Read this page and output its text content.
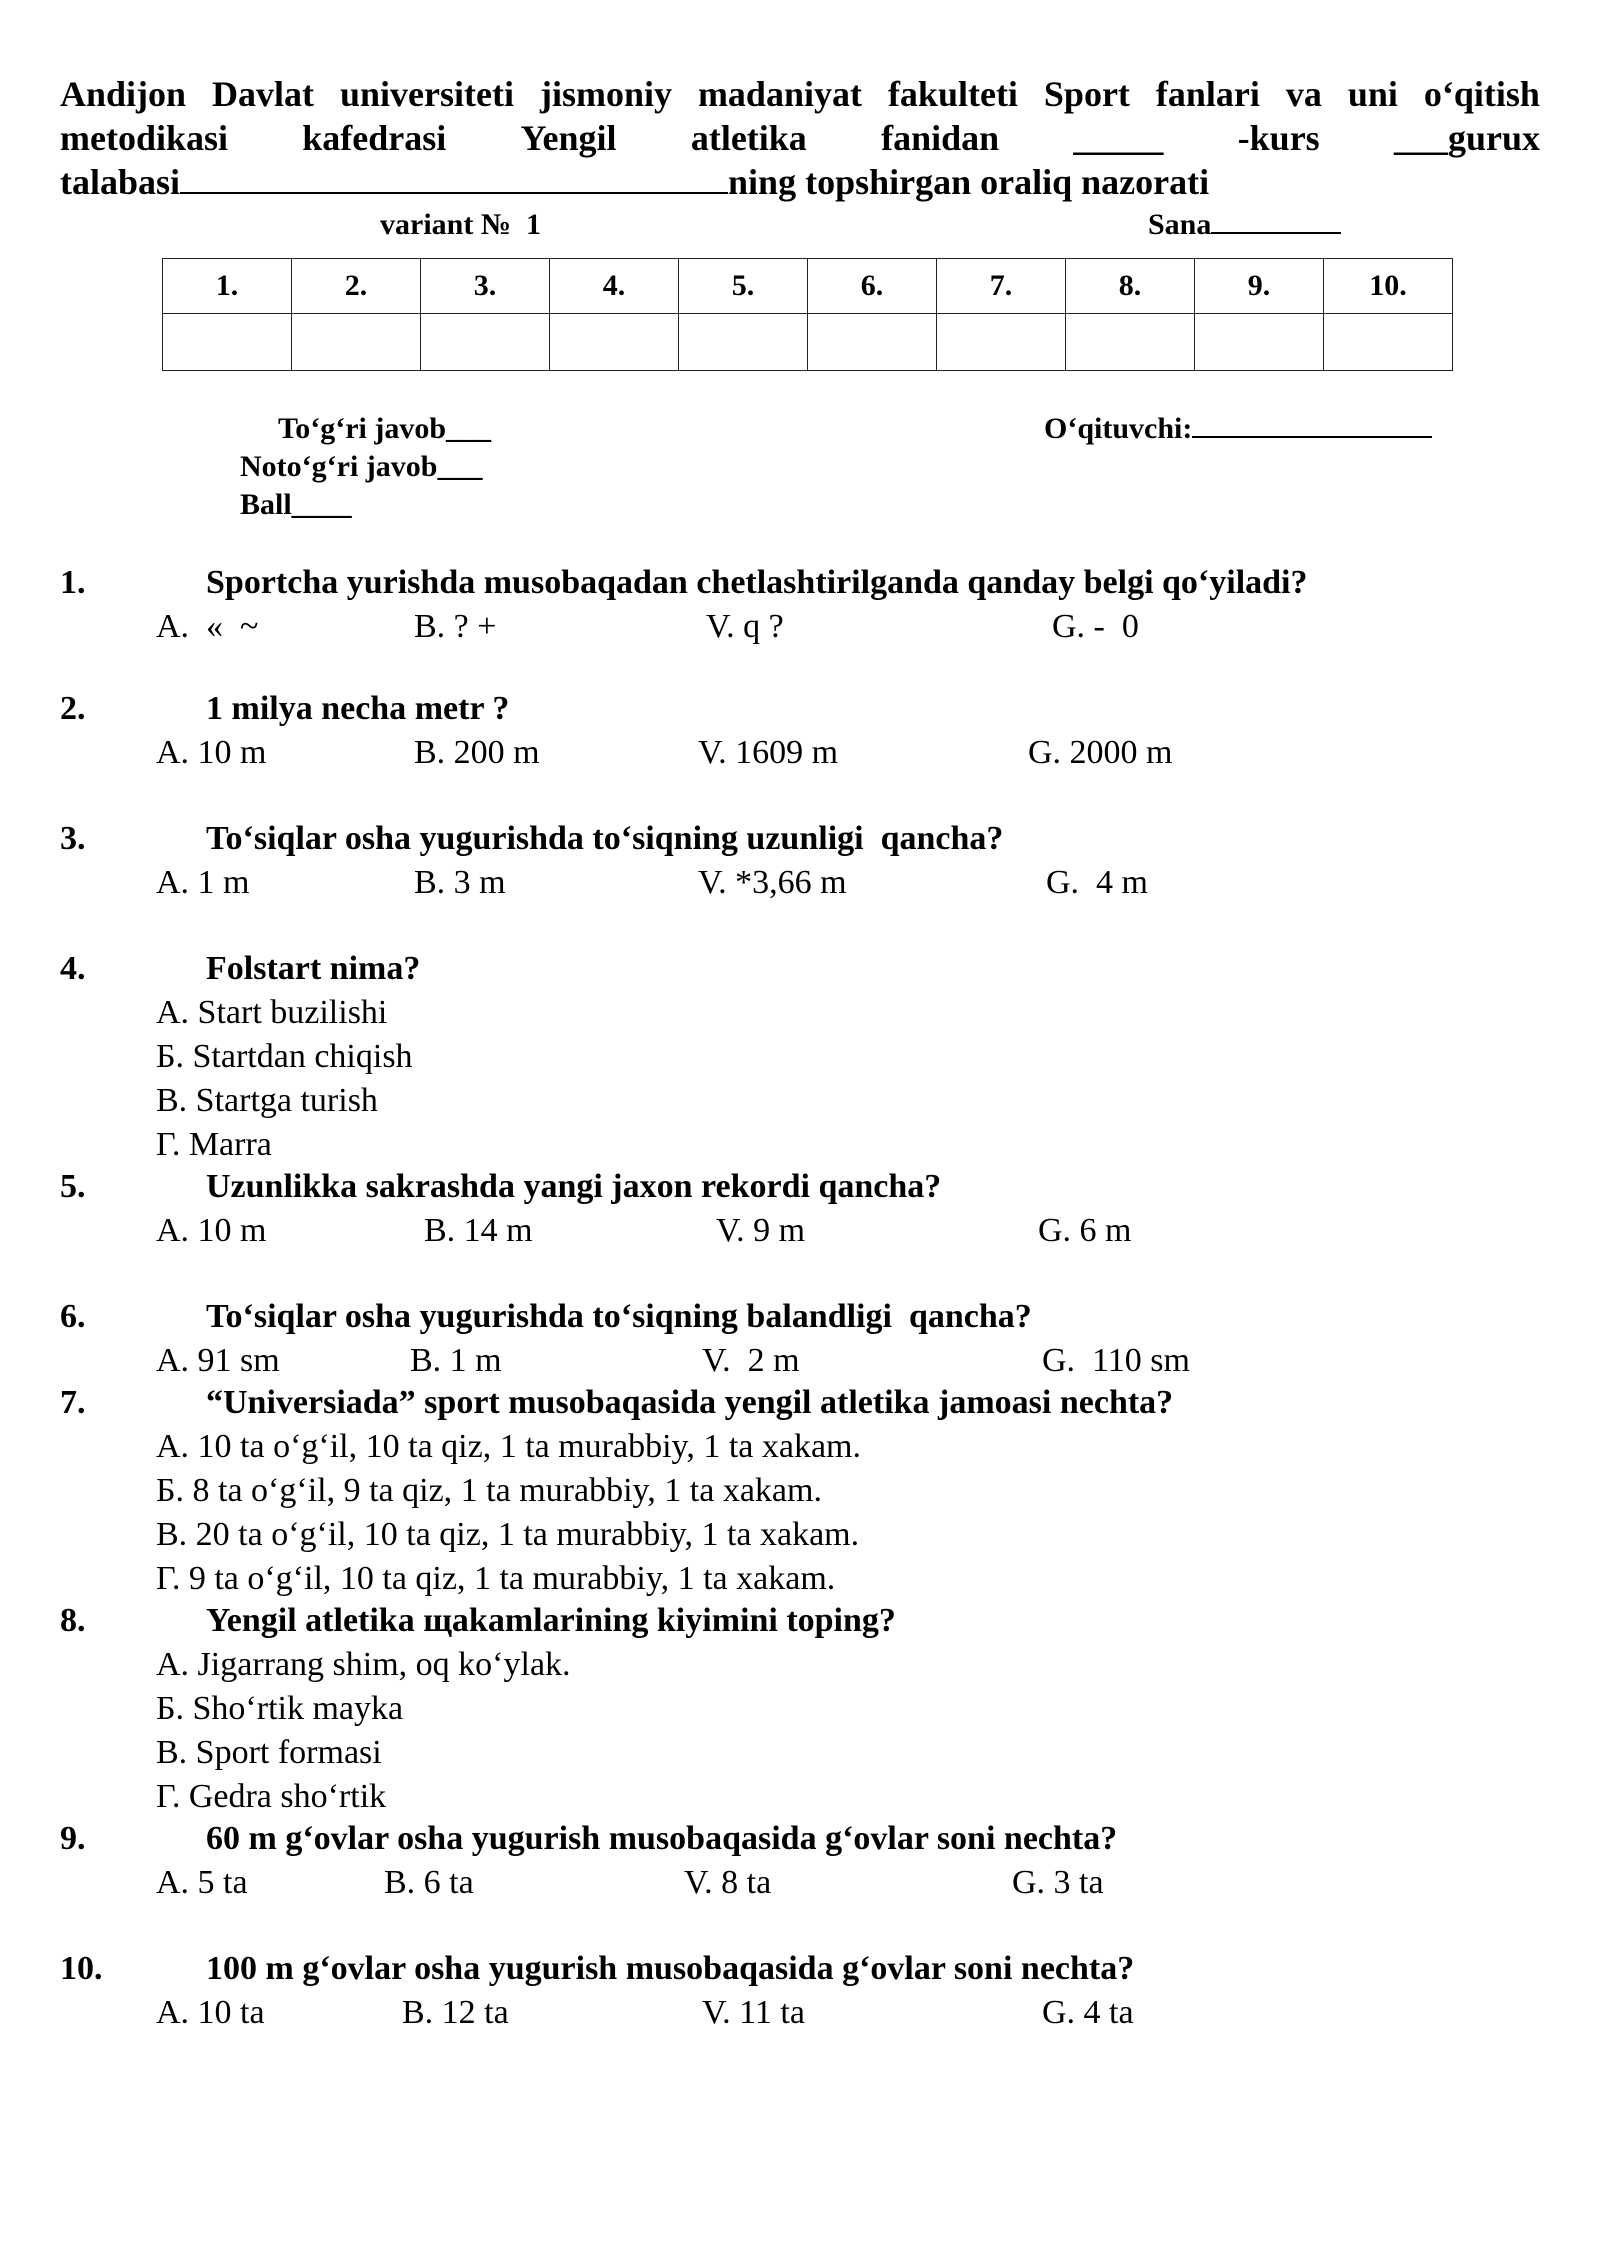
Andijon Davlat universiteti jismoniy madaniyat fakulteti Sport fanlari va uni o‘qitish
metodikasi kafedrasi Yengil atletika fanidan _____ -kurs ___gurux
talabasi	ning topshirgan oraliq nazorati
variant №  1	Sana
1.	2.	3.	4.	5.	6.	7.	8.	9.	10.

To‘g‘ri javob___
Noto‘g‘ri javob___
Ball____
O‘qituvchi:
1.	Sportcha yurishda musobaqadan chetlashtirilganda qanday belgi qo‘yiladi?
A.  «  ~	B. ? +	V. q ?	G. -  0
2.	1 milya necha metr ?
A. 10 m	B. 200 m	V. 1609 m	G. 2000 m
3.	To‘siqlar osha yugurishda to‘siqning uzunligi  qancha?
A. 1 m	B. 3 m	V. *3,66 m	G.  4 m
4.	Folstart nima?
A. Start buzilishi
Б. Startdan chiqish
B. Startga turish
Г. Marra
5.	Uzunlikka sakrashda yangi jaxon rekordi qancha?
A. 10 m	B. 14 m	V. 9 m	G. 6 m
6.	To‘siqlar osha yugurishda to‘siqning balandligi  qancha?
A. 91 sm	B. 1 m	V.  2 m	G.  110 sm
7.	“Universiada” sport musobaqasida yengil atletika jamoasi nechta?
A. 10 ta o‘g‘il, 10 ta qiz, 1 ta murabbiy, 1 ta xakam.
Б. 8 ta o‘g‘il, 9 ta qiz, 1 ta murabbiy, 1 ta xakam.
B. 20 ta o‘g‘il, 10 ta qiz, 1 ta murabbiy, 1 ta xakam.
Г. 9 ta o‘g‘il, 10 ta qiz, 1 ta murabbiy, 1 ta xakam.
8.	Yengil atletika щakamlarining kiyimini toping?
A. Jigarrang shim, oq ko‘ylak.
Б. Sho‘rtik mayka
B. Sport formasi
Г. Gedra sho‘rtik
9.	60 m g‘ovlar osha yugurish musobaqasida g‘ovlar soni nechta?
A. 5 ta	B. 6 ta	V. 8 ta	G. 3 ta
10.	100 m g‘ovlar osha yugurish musobaqasida g‘ovlar soni nechta?
A. 10 ta	B. 12 ta	V. 11 ta	G. 4 ta
